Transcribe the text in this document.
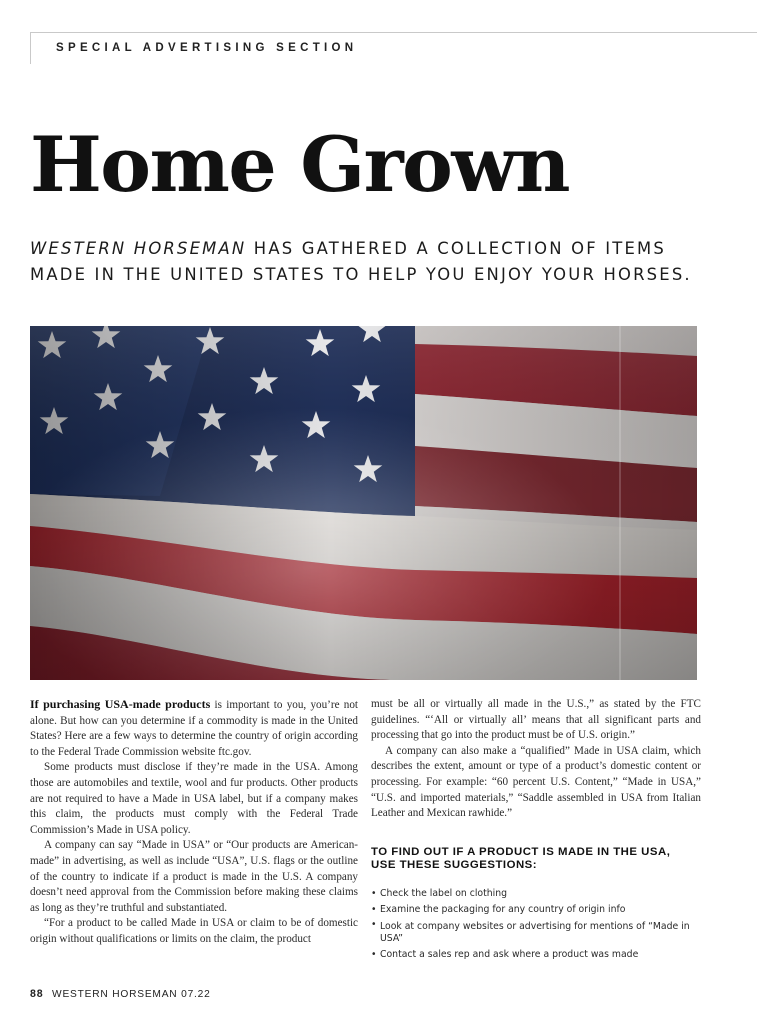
SPECIAL ADVERTISING SECTION
Home Grown
WESTERN HORSEMAN HAS GATHERED A COLLECTION OF ITEMS
MADE IN THE UNITED STATES TO HELP YOU ENJOY YOUR HORSES.

If purchasing USA-made products is important to you, you’re not alone. But how can you determine if a commodity is made in the United States? Here are a few ways to determine the country of origin according to the Federal Trade Commission website ftc.gov.

Some products must disclose if they’re made in the USA. Among those are automobiles and textile, wool and fur products. Other products are not required to have a Made in USA label, but if a company makes this claim, the products must comply with the Federal Trade Commission’s Made in USA policy.

A company can say “Made in USA” or “Our products are American-made” in advertising, as well as include “USA”, U.S. flags or the outline of the country to indicate if a product is made in the U.S. A company doesn’t need approval from the Commission before making these claims as long as they’re truthful and substantiated.

“For a product to be called Made in USA or claim to be of domestic origin without qualifications or limits on the claim, the product

must be all or virtually all made in the U.S.,” as stated by the FTC guidelines. “‘All or virtually all’ means that all significant parts and processing that go into the product must be of U.S. origin.”

A company can also make a “qualified” Made in USA claim, which describes the extent, amount or type of a product’s domestic content or processing. For example: “60 percent U.S. Content,” “Made in USA,” “U.S. and imported materials,” “Saddle assembled in USA from Italian Leather and Mexican rawhide.”

TO FIND OUT IF A PRODUCT IS MADE IN THE USA,
USE THESE SUGGESTIONS:
• Check the label on clothing
• Examine the packaging for any country of origin info
• Look at company websites or advertising for mentions of “Made in USA”
• Contact a sales rep and ask where a product was made
88 WESTERN HORSEMAN 07.22
